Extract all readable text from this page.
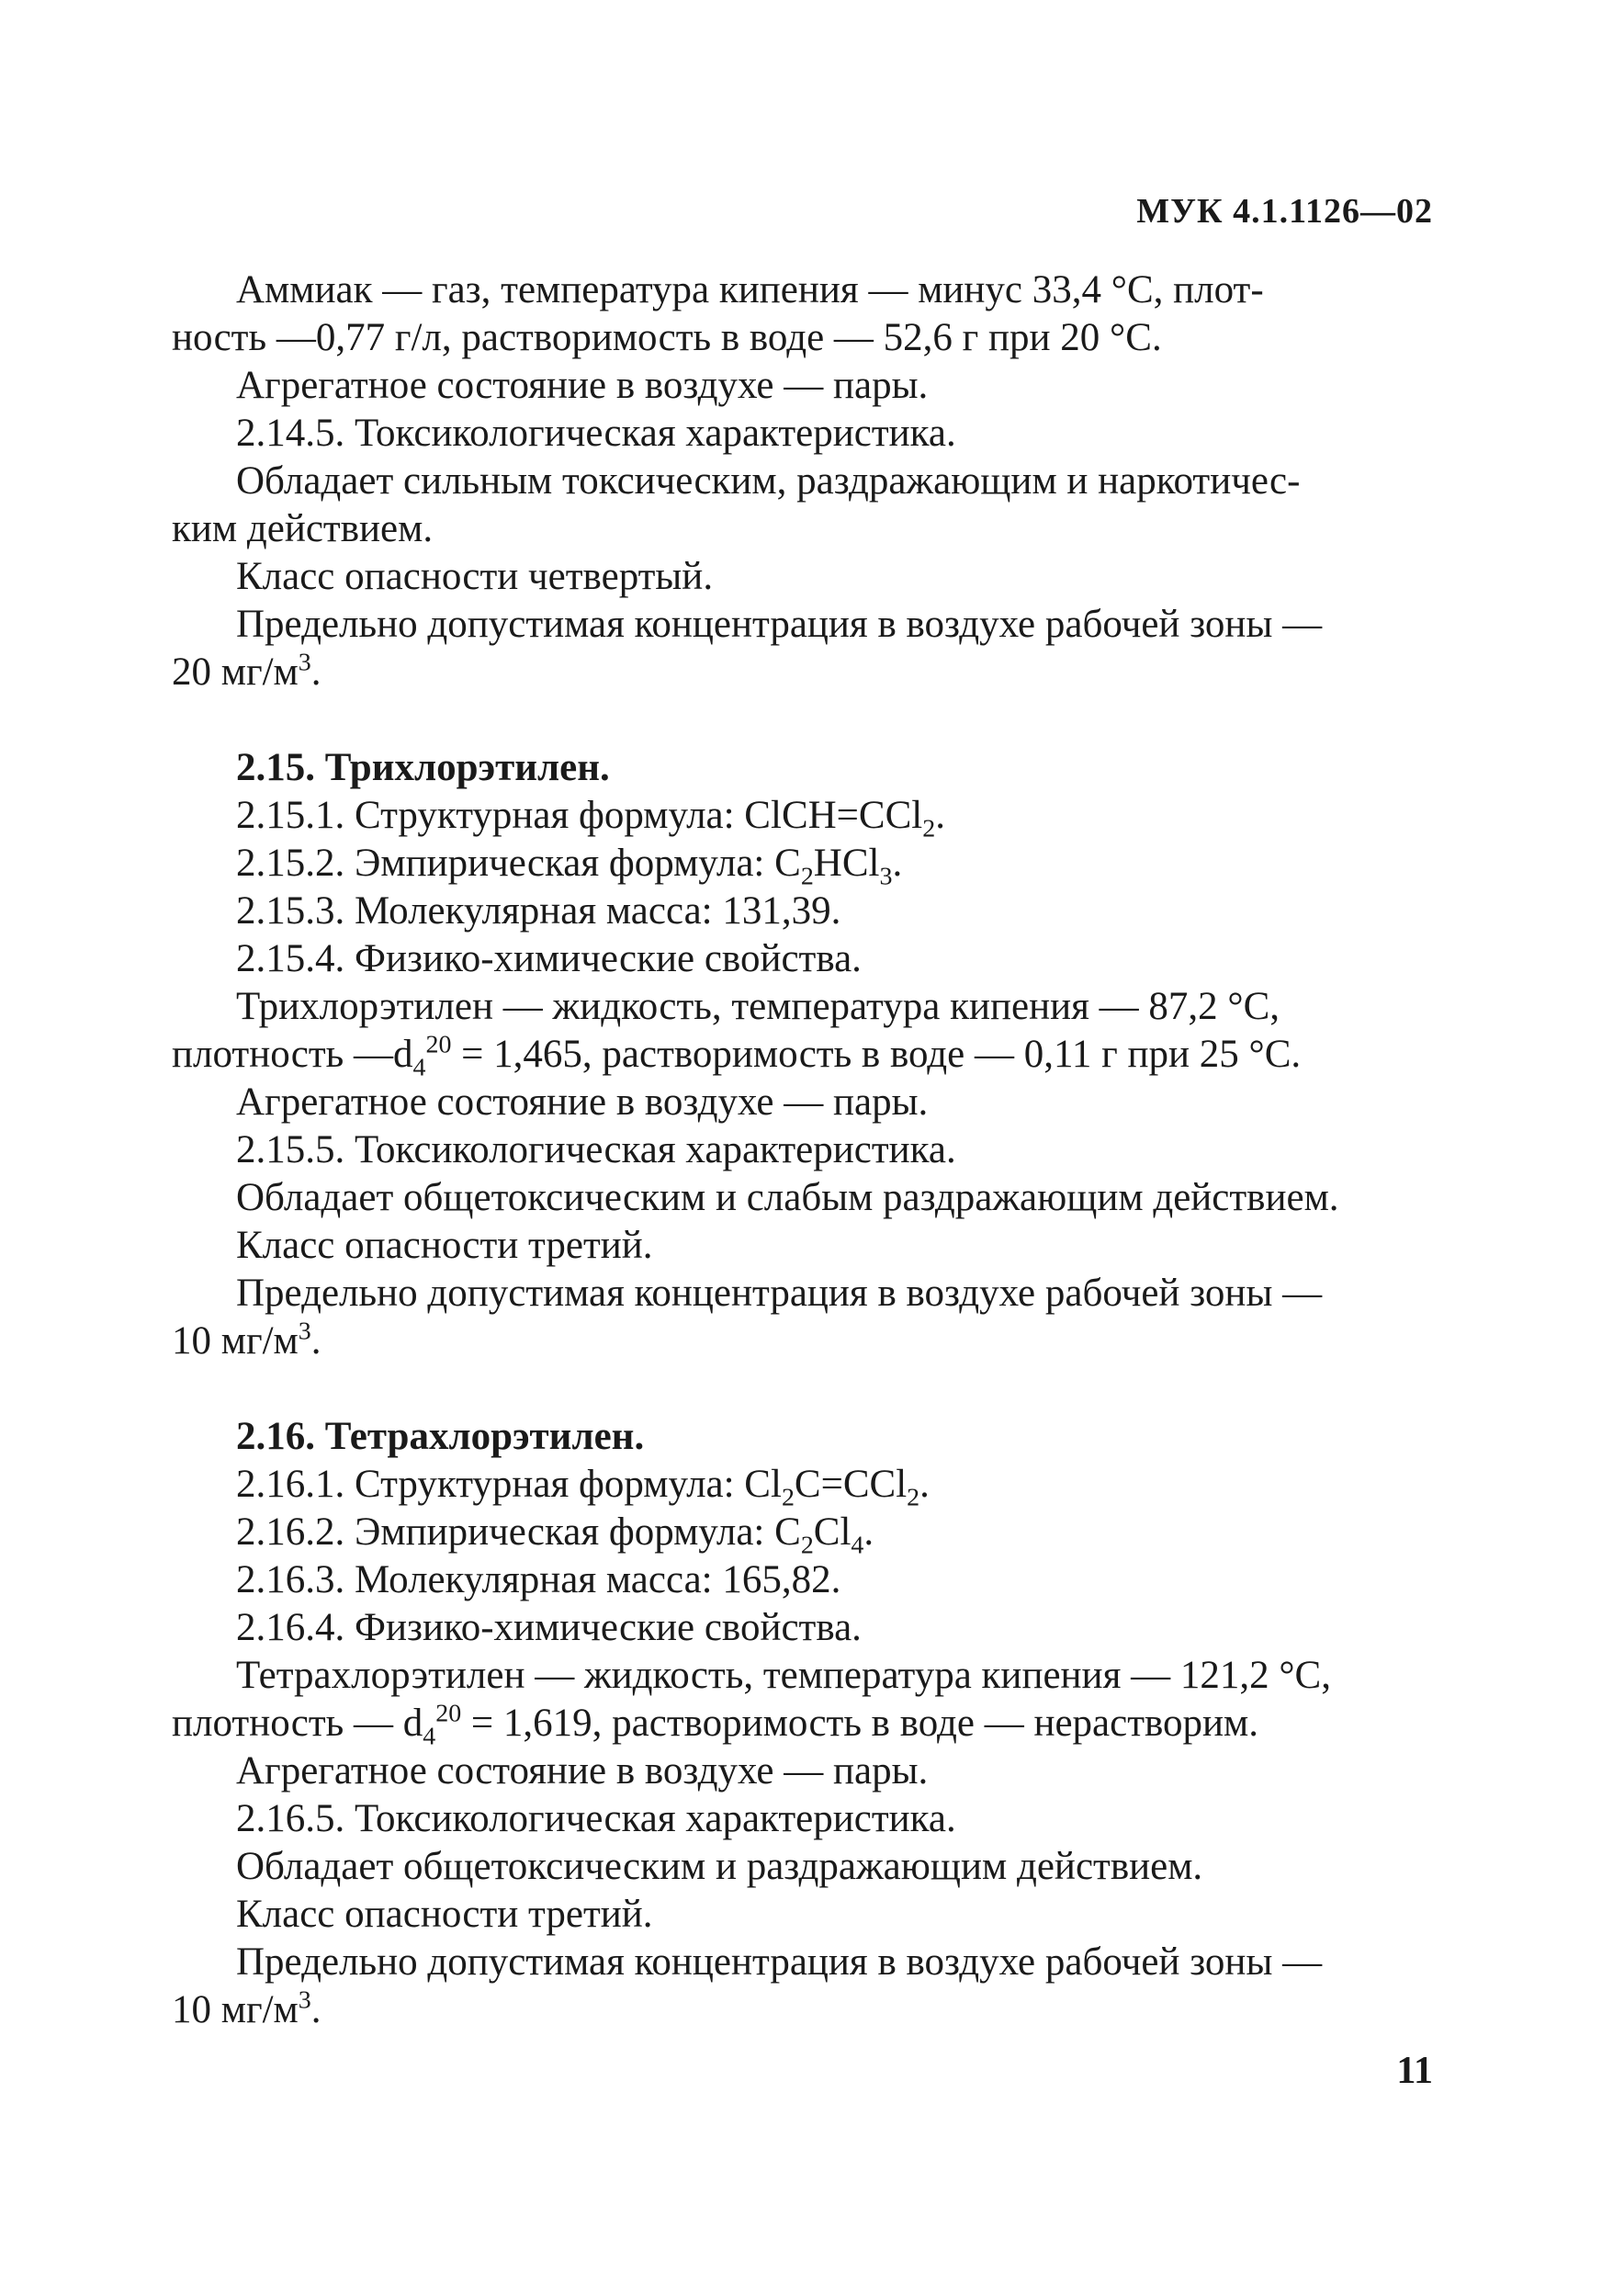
МУК 4.1.1126—02

Аммиак — газ, температура кипения — минус 33,4 °С, плот-

ность —0,77 г/л, растворимость в воде — 52,6 г при 20 °С.

Агрегатное состояние в воздухе — пары.

2.14.5. Токсикологическая характеристика.

Обладает сильным токсическим, раздражающим и наркотичес-

ким действием.

Класс опасности четвертый.

Предельно допустимая концентрация в воздухе рабочей зоны —

20 $мг/м^3$.

2.15. Трихлорэтилен.

2.15.1. Структурная формула: ClCH=CCl$_2$.

2.15.2. Эмпирическая формула: $C_2HCl_3$.

2.15.3. Молекулярная масса: 131,39.

2.15.4. Физико-химические свойства.

Трихлорэтилен — жидкость, температура кипения — 87,2 °С,

плотность $—d_4^{20} = 1,465$, растворимость в воде — 0,11 г при 25 °С.

Агрегатное состояние в воздухе — пары.

2.15.5. Токсикологическая характеристика.

Обладает общетоксическим и слабым раздражающим действием.

Класс опасности третий.

Предельно допустимая концентрация в воздухе рабочей зоны —

10 $мг/м^3$.

2.16. Тетрахлорэтилен.

2.16.1. Структурная формула: $Cl_2C=CCl_2$.

2.16.2. Эмпирическая формула: $C_2Cl_4$.

2.16.3. Молекулярная масса: 165,82.

2.16.4. Физико-химические свойства.

Тетрахлорэтилен — жидкость, температура кипения — 121,2 °С,

плотность — $d_4^{20} = 1,619$, растворимость в воде — нерастворим.

Агрегатное состояние в воздухе — пары.

2.16.5. Токсикологическая характеристика.

Обладает общетоксическим и раздражающим действием.

Класс опасности третий.

Предельно допустимая концентрация в воздухе рабочей зоны —

10 $мг/м^3$.

11
